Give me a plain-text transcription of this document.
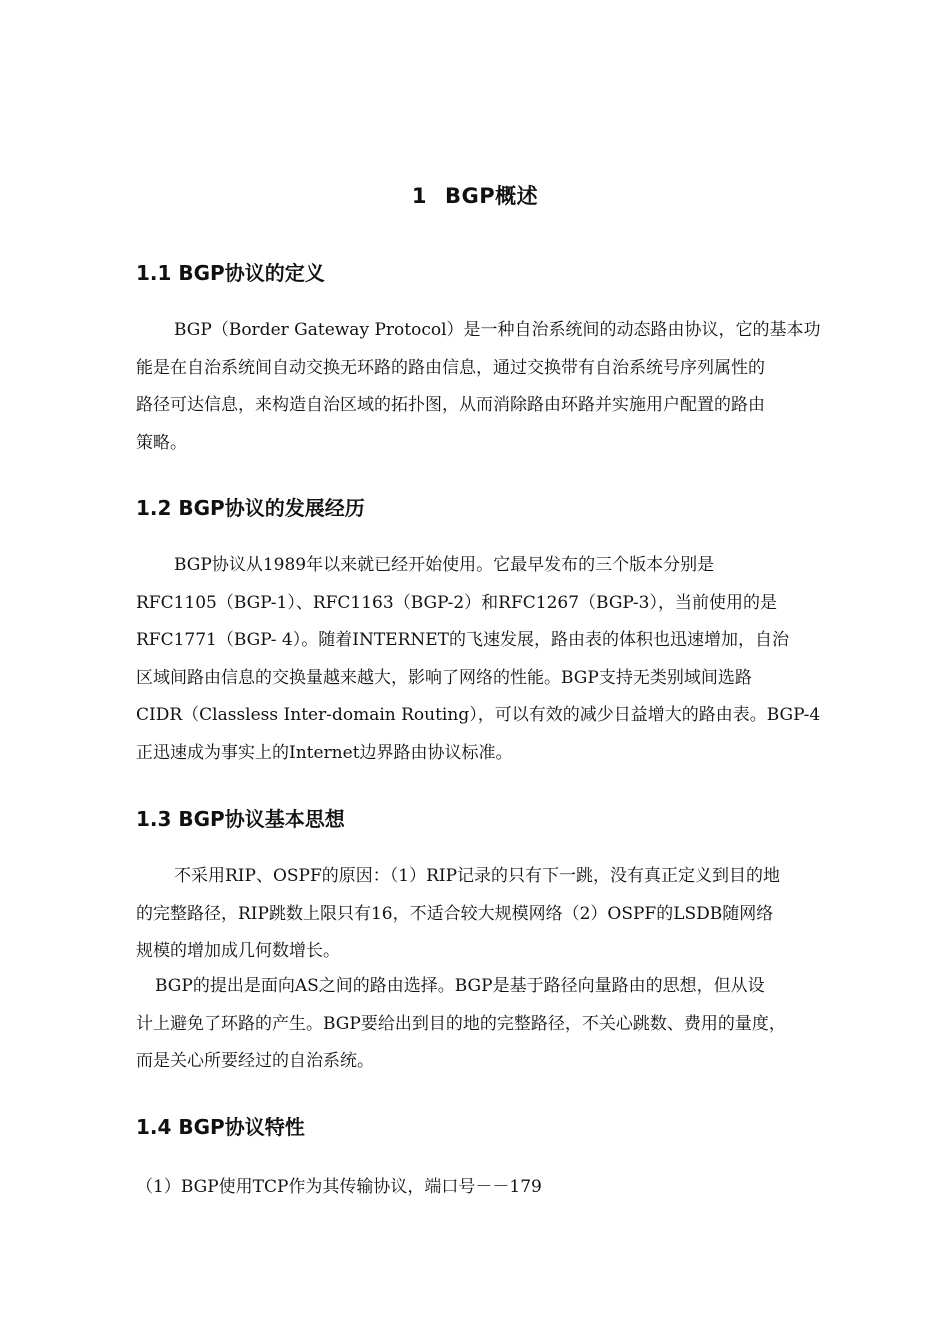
1 BGP概述
1.1 BGP协议的定义
BGP（Border Gateway Protocol）是一种自治系统间的动态路由协议，它的基本功
能是在自治系统间自动交换无环路的路由信息，通过交换带有自治系统号序列属性的
路径可达信息，来构造自治区域的拓扑图，从而消除路由环路并实施用户配置的路由
策略。
1.2 BGP协议的发展经历
BGP协议从1989年以来就已经开始使用。它最早发布的三个版本分别是
RFC1105（BGP-1）、RFC1163（BGP-2）和RFC1267（BGP-3），当前使用的是
RFC1771（BGP- 4）。随着INTERNET的飞速发展，路由表的体积也迅速增加，自治
区域间路由信息的交换量越来越大，影响了网络的性能。BGP支持无类别域间选路
CIDR（Classless Inter-domain Routing），可以有效的减少日益增大的路由表。BGP-4
正迅速成为事实上的Internet边界路由协议标准。
1.3 BGP协议基本思想
不采用RIP、OSPF的原因：（1）RIP记录的只有下一跳，没有真正定义到目的地
的完整路径，RIP跳数上限只有16，不适合较大规模网络（2）OSPF的LSDB随网络
规模的增加成几何数增长。
BGP的提出是面向AS之间的路由选择。BGP是基于路径向量路由的思想，但从设
计上避免了环路的产生。BGP要给出到目的地的完整路径，不关心跳数、费用的量度，
而是关心所要经过的自治系统。
1.4 BGP协议特性
（1）BGP使用TCP作为其传输协议，端口号－－179
